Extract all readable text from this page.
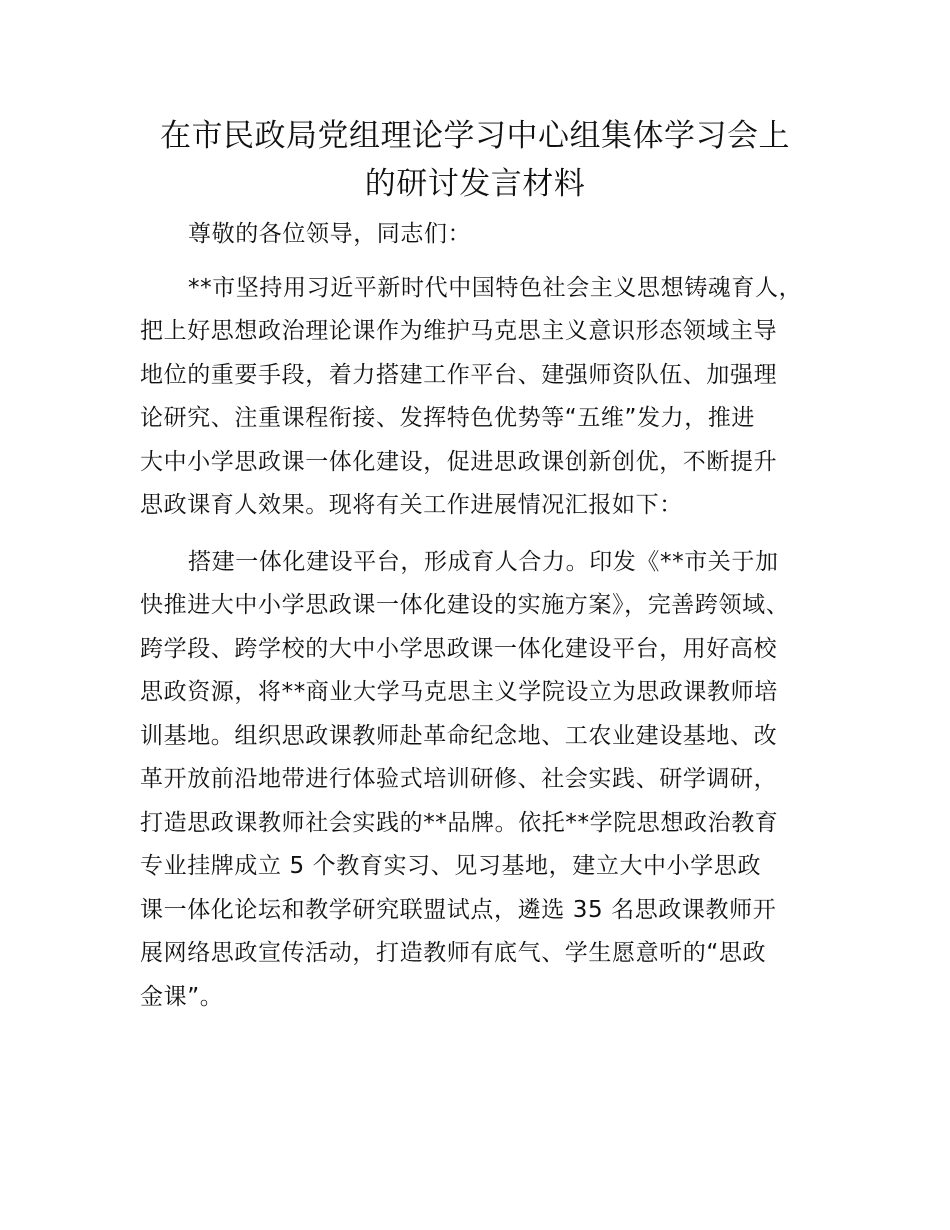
在市民政局党组理论学习中心组集体学习会上
的研讨发言材料

尊敬的各位领导，同志们：

**市坚持用习近平新时代中国特色社会主义思想铸魂育人，
把上好思想政治理论课作为维护马克思主义意识形态领域主导
地位的重要手段，着力搭建工作平台、建强师资队伍、加强理
论研究、注重课程衔接、发挥特色优势等“五维”发力，推进
大中小学思政课一体化建设，促进思政课创新创优，不断提升
思政课育人效果。现将有关工作进展情况汇报如下：

搭建一体化建设平台，形成育人合力。印发《**市关于加
快推进大中小学思政课一体化建设的实施方案》，完善跨领域、
跨学段、跨学校的大中小学思政课一体化建设平台，用好高校
思政资源，将**商业大学马克思主义学院设立为思政课教师培
训基地。组织思政课教师赴革命纪念地、工农业建设基地、改
革开放前沿地带进行体验式培训研修、社会实践、研学调研，
打造思政课教师社会实践的**品牌。依托**学院思想政治教育
专业挂牌成立 5 个教育实习、见习基地，建立大中小学思政
课一体化论坛和教学研究联盟试点，遴选 35 名思政课教师开
展网络思政宣传活动，打造教师有底气、学生愿意听的“思政
金课”。
